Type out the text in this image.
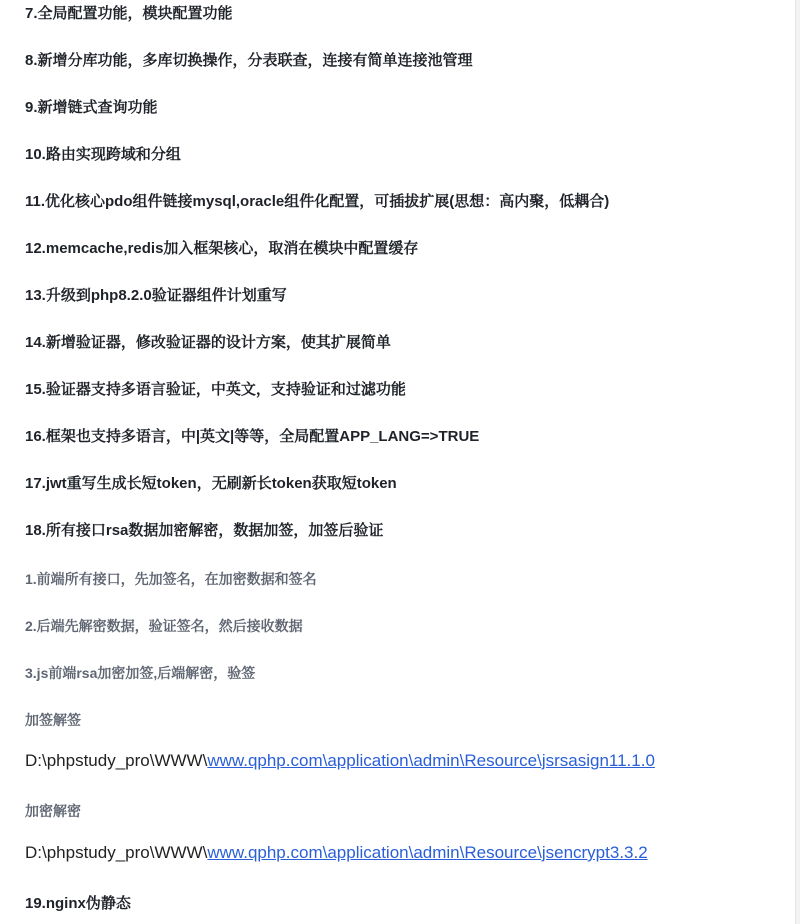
7.全局配置功能，模块配置功能

8.新增分库功能，多库切换操作，分表联查，连接有简单连接池管理

9.新增链式查询功能

10.路由实现跨域和分组

11.优化核心pdo组件链接mysql,oracle组件化配置，可插拔扩展(思想：高内聚，低耦合)

12.memcache,redis加入框架核心，取消在模块中配置缓存

13.升级到php8.2.0验证器组件计划重写

14.新增验证器，修改验证器的设计方案，使其扩展简单

15.验证器支持多语言验证，中英文，支持验证和过滤功能

16.框架也支持多语言，中|英文|等等，全局配置APP_LANG=>TRUE

17.jwt重写生成长短token，无刷新长token获取短token

18.所有接口rsa数据加密解密，数据加签，加签后验证

1.前端所有接口，先加签名，在加密数据和签名

2.后端先解密数据，验证签名，然后接收数据

3.js前端rsa加密加签,后端解密，验签

加签解签

D:\phpstudy_pro\WWW\www.qphp.com\application\admin\Resource\jsrsasign11.1.0

加密解密

D:\phpstudy_pro\WWW\www.qphp.com\application\admin\Resource\jsencrypt3.3.2

19.nginx伪静态
